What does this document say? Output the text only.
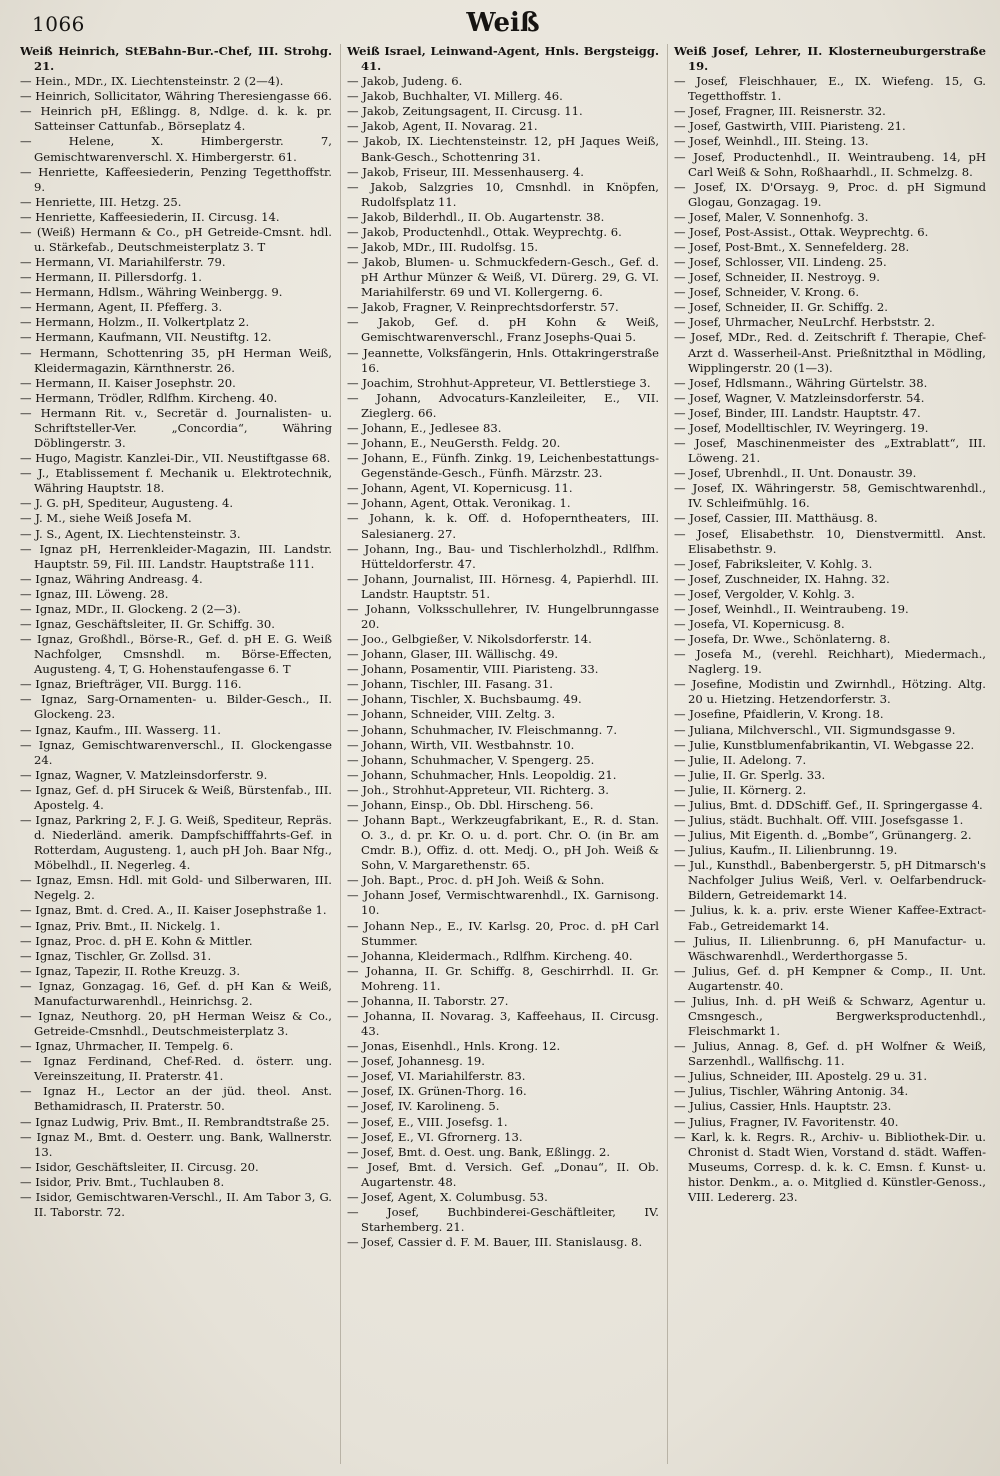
1066	Weiß

Weiß Heinrich, StEBahn-Bur.-Chef, III. Strohg. 21.

— Hein., MDr., IX. Liechtensteinstr. 2 (2—4).

— Heinrich, Sollicitator, Währing Theresiengasse 66.

— Heinrich pH, Eßlingg. 8, Ndlge. d. k. k. pr. Satteinser Cattunfab., Börseplatz 4.

— Helene, X. Himbergerstr. 7, Gemischtwarenverschl. X. Himbergerstr. 61.

— Henriette, Kaffeesiederin, Penzing Tegetthoffstr. 9.

— Henriette, III. Hetzg. 25.

— Henriette, Kaffeesiederin, II. Circusg. 14.

— (Weiß) Hermann & Co., pH Getreide-Cmsnt. hdl. u. Stärkefab., Deutschmeisterplatz 3. T

— Hermann, VI. Mariahilferstr. 79.

— Hermann, II. Pillersdorfg. 1.

— Hermann, Hdlsm., Währing Weinbergg. 9.

— Hermann, Agent, II. Pfefferg. 3.

— Hermann, Holzm., II. Volkertplatz 2.

— Hermann, Kaufmann, VII. Neustiftg. 12.

— Hermann, Schottenring 35, pH Herman Weiß, Kleidermagazin, Kärnthnerstr. 26.

— Hermann, II. Kaiser Josephstr. 20.

— Hermann, Trödler, Rdlfhm. Kircheng. 40.

— Hermann Rit. v., Secretär d. Journalisten- u. Schriftsteller-Ver. „Concordia“, Währing Döblingerstr. 3.

— Hugo, Magistr. Kanzlei-Dir., VII. Neustiftgasse 68.

— J., Etablissement f. Mechanik u. Elektrotechnik, Währing Hauptstr. 18.

— J. G. pH, Spediteur, Augusteng. 4.

— J. M., siehe Weiß Josefa M.

— J. S., Agent, IX. Liechtensteinstr. 3.

— Ignaz pH, Herrenkleider-Magazin, III. Landstr. Hauptstr. 59, Fil. III. Landstr. Hauptstraße 111.

— Ignaz, Währing Andreasg. 4.

— Ignaz, III. Löweng. 28.

— Ignaz, MDr., II. Glockeng. 2 (2—3).

— Ignaz, Geschäftsleiter, II. Gr. Schiffg. 30.

— Ignaz, Großhdl., Börse-R., Gef. d. pH E. G. Weiß Nachfolger, Cmsnshdl. m. Börse-Effecten, Augusteng. 4, T, G. Hohenstaufengasse 6. T

— Ignaz, Briefträger, VII. Burgg. 116.

— Ignaz, Sarg-Ornamenten- u. Bilder-Gesch., II. Glockeng. 23.

— Ignaz, Kaufm., III. Wasserg. 11.

— Ignaz, Gemischtwarenverschl., II. Glockengasse 24.

— Ignaz, Wagner, V. Matzleinsdorferstr. 9.

— Ignaz, Gef. d. pH Sirucek & Weiß, Bürstenfab., III. Apostelg. 4.

— Ignaz, Parkring 2, F. J. G. Weiß, Spediteur, Repräs. d. Niederländ. amerik. Dampfschifffahrts-Gef. in Rotterdam, Augusteng. 1, auch pH Joh. Baar Nfg., Möbelhdl., II. Negerleg. 4.

— Ignaz, Emsn. Hdl. mit Gold- und Silberwaren, III. Negelg. 2.

— Ignaz, Bmt. d. Cred. A., II. Kaiser Josephstraße 1.

— Ignaz, Priv. Bmt., II. Nickelg. 1.

— Ignaz, Proc. d. pH E. Kohn & Mittler.

— Ignaz, Tischler, Gr. Zollsd. 31.

— Ignaz, Tapezir, II. Rothe Kreuzg. 3.

— Ignaz, Gonzagag. 16, Gef. d. pH Kan & Weiß, Manufacturwarenhdl., Heinrichsg. 2.

— Ignaz, Neuthorg. 20, pH Herman Weisz & Co., Getreide-Cmsnhdl., Deutschmeisterplatz 3.

— Ignaz, Uhrmacher, II. Tempelg. 6.

— Ignaz Ferdinand, Chef-Red. d. österr. ung. Vereinszeitung, II. Praterstr. 41.

— Ignaz H., Lector an der jüd. theol. Anst. Bethamidrasch, II. Praterstr. 50.

— Ignaz Ludwig, Priv. Bmt., II. Rembrandtstraße 25.

— Ignaz M., Bmt. d. Oesterr. ung. Bank, Wallnerstr. 13.

— Isidor, Geschäftsleiter, II. Circusg. 20.

— Isidor, Priv. Bmt., Tuchlauben 8.

— Isidor, Gemischtwaren-Verschl., II. Am Tabor 3, G. II. Taborstr. 72.

Weiß Israel, Leinwand-Agent, Hnls. Bergsteigg. 41.

— Jakob, Judeng. 6.

— Jakob, Buchhalter, VI. Millerg. 46.

— Jakob, Zeitungsagent, II. Circusg. 11.

— Jakob, Agent, II. Novarag. 21.

— Jakob, IX. Liechtensteinstr. 12, pH Jaques Weiß, Bank-Gesch., Schottenring 31.

— Jakob, Friseur, III. Messenhauserg. 4.

— Jakob, Salzgries 10, Cmsnhdl. in Knöpfen, Rudolfsplatz 11.

— Jakob, Bilderhdl., II. Ob. Augartenstr. 38.

— Jakob, Productenhdl., Ottak. Weyprechtg. 6.

— Jakob, MDr., III. Rudolfsg. 15.

— Jakob, Blumen- u. Schmuckfedern-Gesch., Gef. d. pH Arthur Münzer & Weiß, VI. Dürerg. 29, G. VI. Mariahilferstr. 69 und VI. Kollergerng. 6.

— Jakob, Fragner, V. Reinprechtsdorferstr. 57.

— Jakob, Gef. d. pH Kohn & Weiß, Gemischtwarenverschl., Franz Josephs-Quai 5.

— Jeannette, Volksfängerin, Hnls. Ottakringerstraße 16.

— Joachim, Strohhut-Appreteur, VI. Bettlerstiege 3.

— Johann, Advocaturs-Kanzleileiter, E., VII. Zieglerg. 66.

— Johann, E., Jedlesee 83.

— Johann, E., NeuGersth. Feldg. 20.

— Johann, E., Fünfh. Zinkg. 19, Leichenbestattungs-Gegenstände-Gesch., Fünfh. Märzstr. 23.

— Johann, Agent, VI. Kopernicusg. 11.

— Johann, Agent, Ottak. Veronikag. 1.

— Johann, k. k. Off. d. Hofoperntheaters, III. Salesianerg. 27.

— Johann, Ing., Bau- und Tischlerholzhdl., Rdlfhm. Hütteldorferstr. 47.

— Johann, Journalist, III. Hörnesg. 4, Papierhdl. III. Landstr. Hauptstr. 51.

— Johann, Volksschullehrer, IV. Hungelbrunngasse 20.

— Joo., Gelbgießer, V. Nikolsdorferstr. 14.

— Johann, Glaser, III. Wällischg. 49.

— Johann, Posamentir, VIII. Piaristeng. 33.

— Johann, Tischler, III. Fasang. 31.

— Johann, Tischler, X. Buchsbaumg. 49.

— Johann, Schneider, VIII. Zeltg. 3.

— Johann, Schuhmacher, IV. Fleischmanng. 7.

— Johann, Wirth, VII. Westbahnstr. 10.

— Johann, Schuhmacher, V. Spengerg. 25.

— Johann, Schuhmacher, Hnls. Leopoldig. 21.

— Joh., Strohhut-Appreteur, VII. Richterg. 3.

— Johann, Einsp., Ob. Dbl. Hirscheng. 56.

— Johann Bapt., Werkzeugfabrikant, E., R. d. Stan. O. 3., d. pr. Kr. O. u. d. port. Chr. O. (in Br. am Cmdr. B.), Offiz. d. ott. Medj. O., pH Joh. Weiß & Sohn, V. Margarethenstr. 65.

— Joh. Bapt., Proc. d. pH Joh. Weiß & Sohn.

— Johann Josef, Vermischtwarenhdl., IX. Garnisong. 10.

— Johann Nep., E., IV. Karlsg. 20, Proc. d. pH Carl Stummer.

— Johanna, Kleidermach., Rdlfhm. Kircheng. 40.

— Johanna, II. Gr. Schiffg. 8, Geschirrhdl. II. Gr. Mohreng. 11.

— Johanna, II. Taborstr. 27.

— Johanna, II. Novarag. 3, Kaffeehaus, II. Circusg. 43.

— Jonas, Eisenhdl., Hnls. Krong. 12.

— Josef, Johannesg. 19.

— Josef, VI. Mariahilferstr. 83.

— Josef, IX. Grünen-Thorg. 16.

— Josef, IV. Karolineng. 5.

— Josef, E., VIII. Josefsg. 1.

— Josef, E., VI. Gfrornerg. 13.

— Josef, Bmt. d. Oest. ung. Bank, Eßlingg. 2.

— Josef, Bmt. d. Versich. Gef. „Donau“, II. Ob. Augartenstr. 48.

— Josef, Agent, X. Columbusg. 53.

— Josef, Buchbinderei-Geschäftleiter, IV. Starhemberg. 21.

— Josef, Cassier d. F. M. Bauer, III. Stanislausg. 8.

Weiß Josef, Lehrer, II. Klosterneuburgerstraße 19.

— Josef, Fleischhauer, E., IX. Wiefeng. 15, G. Tegetthoffstr. 1.

— Josef, Fragner, III. Reisnerstr. 32.

— Josef, Gastwirth, VIII. Piaristeng. 21.

— Josef, Weinhdl., III. Steing. 13.

— Josef, Productenhdl., II. Weintraubeng. 14, pH Carl Weiß & Sohn, Roßhaarhdl., II. Schmelzg. 8.

— Josef, IX. D'Orsayg. 9, Proc. d. pH Sigmund Glogau, Gonzagag. 19.

— Josef, Maler, V. Sonnenhofg. 3.

— Josef, Post-Assist., Ottak. Weyprechtg. 6.

— Josef, Post-Bmt., X. Sennefelderg. 28.

— Josef, Schlosser, VII. Lindeng. 25.

— Josef, Schneider, II. Nestroyg. 9.

— Josef, Schneider, V. Krong. 6.

— Josef, Schneider, II. Gr. Schiffg. 2.

— Josef, Uhrmacher, NeuLrchf. Herbststr. 2.

— Josef, MDr., Red. d. Zeitschrift f. Therapie, Chef-Arzt d. Wasserheil-Anst. Prießnitzthal in Mödling, Wipplingerstr. 20 (1—3).

— Josef, Hdlsmann., Währing Gürtelstr. 38.

— Josef, Wagner, V. Matzleinsdorferstr. 54.

— Josef, Binder, III. Landstr. Hauptstr. 47.

— Josef, Modelltischler, IV. Weyringerg. 19.

— Josef, Maschinenmeister des „Extrablatt“, III. Löweng. 21.

— Josef, Ubrenhdl., II. Unt. Donaustr. 39.

— Josef, IX. Währingerstr. 58, Gemischtwarenhdl., IV. Schleifmühlg. 16.

— Josef, Cassier, III. Matthäusg. 8.

— Josef, Elisabethstr. 10, Dienstvermittl. Anst. Elisabethstr. 9.

— Josef, Fabriksleiter, V. Kohlg. 3.

— Josef, Zuschneider, IX. Hahng. 32.

— Josef, Vergolder, V. Kohlg. 3.

— Josef, Weinhdl., II. Weintraubeng. 19.

— Josefa, VI. Kopernicusg. 8.

— Josefa, Dr. Wwe., Schönlaterng. 8.

— Josefa M., (verehl. Reichhart), Miedermach., Naglerg. 19.

— Josefine, Modistin und Zwirnhdl., Hötzing. Altg. 20 u. Hietzing. Hetzendorferstr. 3.

— Josefine, Pfaidlerin, V. Krong. 18.

— Juliana, Milchverschl., VII. Sigmundsgasse 9.

— Julie, Kunstblumenfabrikantin, VI. Webgasse 22.

— Julie, II. Adelong. 7.

— Julie, II. Gr. Sperlg. 33.

— Julie, II. Körnerg. 2.

— Julius, Bmt. d. DDSchiff. Gef., II. Springergasse 4.

— Julius, städt. Buchhalt. Off. VIII. Josefsgasse 1.

— Julius, Mit Eigenth. d. „Bombe“, Grünangerg. 2.

— Julius, Kaufm., II. Lilienbrunng. 19.

— Jul., Kunsthdl., Babenbergerstr. 5, pH Ditmarsch's Nachfolger Julius Weiß, Verl. v. Oelfarbendruck-Bildern, Getreidemarkt 14.

— Julius, k. k. a. priv. erste Wiener Kaffee-Extract-Fab., Getreidemarkt 14.

— Julius, II. Lilienbrunng. 6, pH Manufactur- u. Wäschwarenhdl., Werderthorgasse 5.

— Julius, Gef. d. pH Kempner & Comp., II. Unt. Augartenstr. 40.

— Julius, Inh. d. pH Weiß & Schwarz, Agentur u. Cmsngesch., Bergwerksproductenhdl., Fleischmarkt 1.

— Julius, Annag. 8, Gef. d. pH Wolfner & Weiß, Sarzenhdl., Wallfischg. 11.

— Julius, Schneider, III. Apostelg. 29 u. 31.

— Julius, Tischler, Währing Antonig. 34.

— Julius, Cassier, Hnls. Hauptstr. 23.

— Julius, Fragner, IV. Favoritenstr. 40.

— Karl, k. k. Regrs. R., Archiv- u. Bibliothek-Dir. u. Chronist d. Stadt Wien, Vorstand d. städt. Waffen-Museums, Corresp. d. k. k. C. Emsn. f. Kunst- u. histor. Denkm., a. o. Mitglied d. Künstler-Genoss., VIII. Ledererg. 23.
